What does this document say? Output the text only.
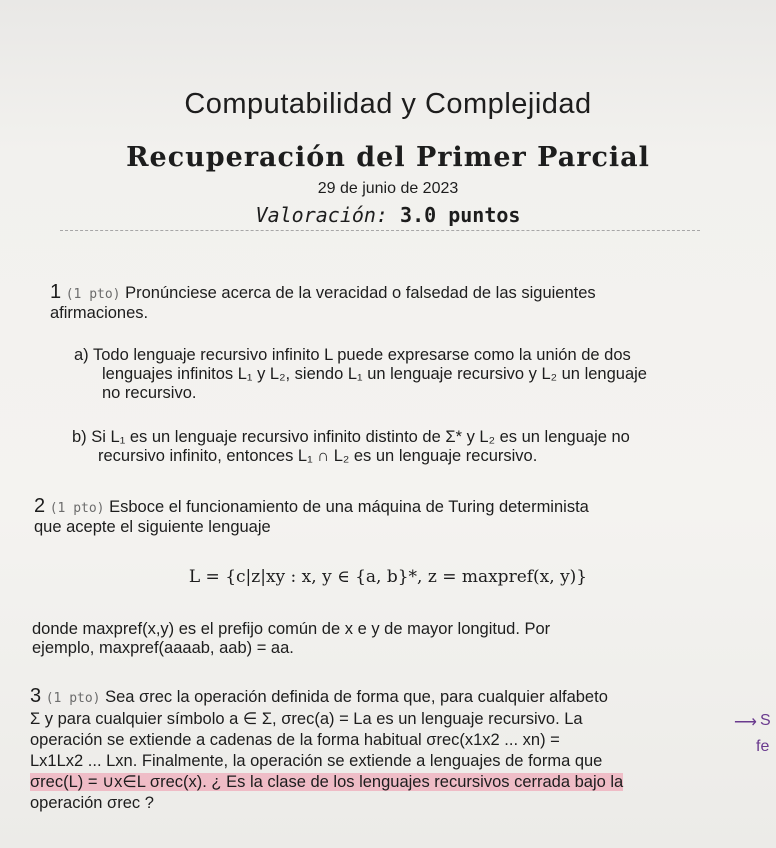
Computabilidad y Complejidad
Recuperación del Primer Parcial
29 de junio de 2023
Valoración: 3.0 puntos
1 (1 pto) Pronúnciese acerca de la veracidad o falsedad de las siguientes
afirmaciones.
a) Todo lenguaje recursivo infinito L puede expresarse como la unión de dos
lenguajes infinitos L₁ y L₂, siendo L₁ un lenguaje recursivo y L₂ un lenguaje
no recursivo.
b) Si L₁ es un lenguaje recursivo infinito distinto de Σ* y L₂ es un lenguaje no
recursivo infinito, entonces L₁ ∩ L₂ es un lenguaje recursivo.
2 (1 pto) Esboce el funcionamiento de una máquina de Turing determinista
que acepte el siguiente lenguaje
L = {c|z|xy : x, y ∈ {a, b}*, z = maxpref(x, y)}
donde maxpref(x,y) es el prefijo común de x e y de mayor longitud. Por
ejemplo, maxpref(aaaab, aab) = aa.
3 (1 pto) Sea σrec la operación definida de forma que, para cualquier alfabeto
Σ y para cualquier símbolo a ∈ Σ, σrec(a) = La es un lenguaje recursivo. La
operación se extiende a cadenas de la forma habitual σrec(x1x2 ... xn) =
Lx1Lx2 ... Lxn. Finalmente, la operación se extiende a lenguajes de forma que
σrec(L) = ∪x∈L σrec(x). ¿ Es la clase de los lenguajes recursivos cerrada bajo la
operación σrec ?
⟶ S
fe
